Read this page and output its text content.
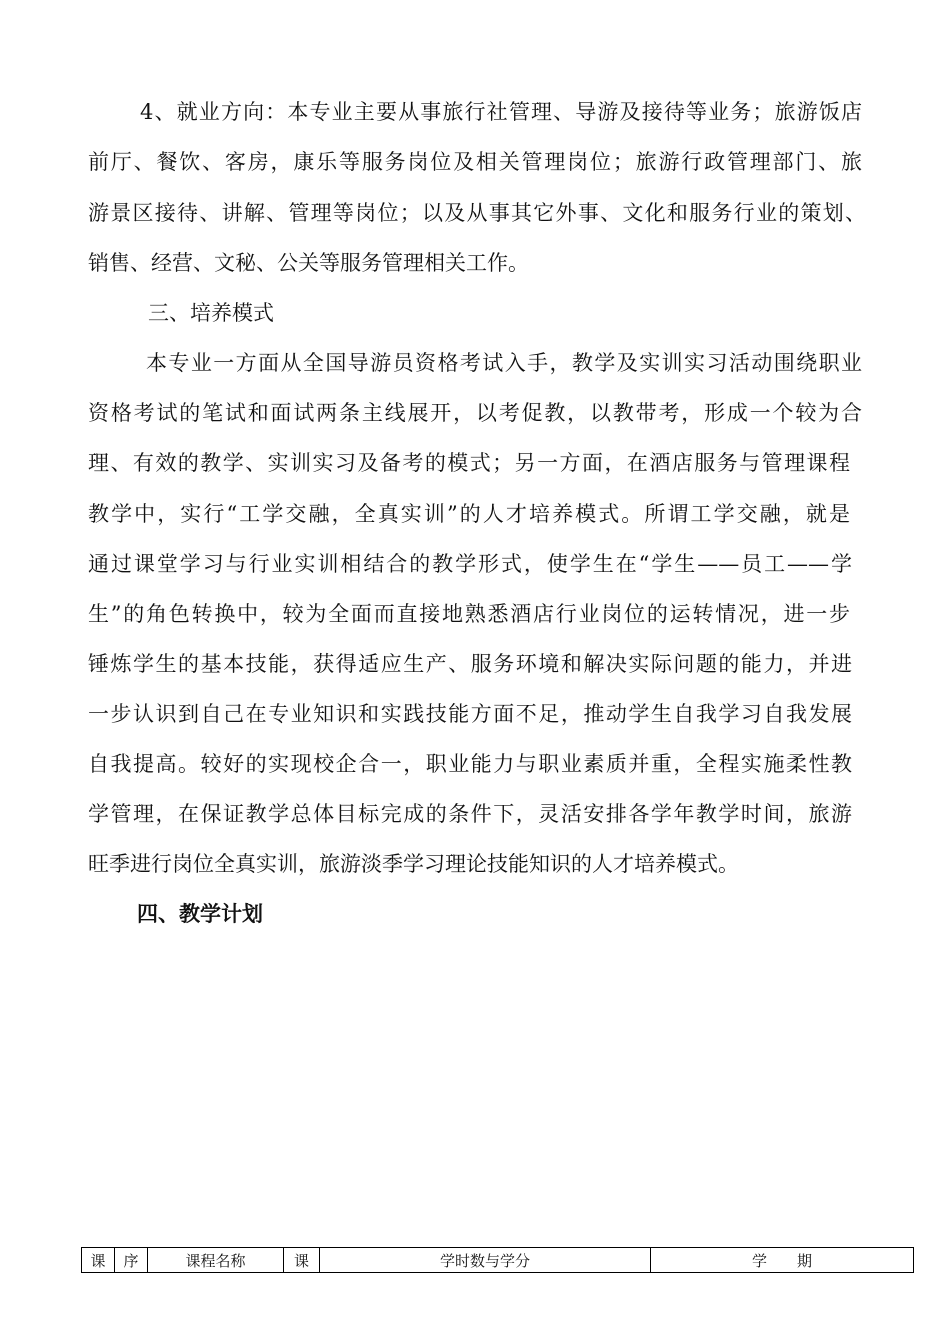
4、就业方向：本专业主要从事旅行社管理、导游及接待等业务；旅游饭店
前厅、餐饮、客房，康乐等服务岗位及相关管理岗位；旅游行政管理部门、旅
游景区接待、讲解、管理等岗位；以及从事其它外事、文化和服务行业的策划、
销售、经营、文秘、公关等服务管理相关工作。
三、培养模式
本专业一方面从全国导游员资格考试入手，教学及实训实习活动围绕职业
资格考试的笔试和面试两条主线展开，以考促教，以教带考，形成一个较为合
理、有效的教学、实训实习及备考的模式；另一方面，在酒店服务与管理课程
教学中，实行“工学交融，全真实训”的人才培养模式。所谓工学交融，就是
通过课堂学习与行业实训相结合的教学形式，使学生在“学生——员工——学
生”的角色转换中，较为全面而直接地熟悉酒店行业岗位的运转情况，进一步
锤炼学生的基本技能，获得适应生产、服务环境和解决实际问题的能力，并进
一步认识到自己在专业知识和实践技能方面不足，推动学生自我学习自我发展
自我提高。较好的实现校企合一，职业能力与职业素质并重，全程实施柔性教
学管理，在保证教学总体目标完成的条件下，灵活安排各学年教学时间，旅游
旺季进行岗位全真实训，旅游淡季学习理论技能知识的人才培养模式。
四、教学计划
课	序	课程名称	课	学时数与学分	学　　期
